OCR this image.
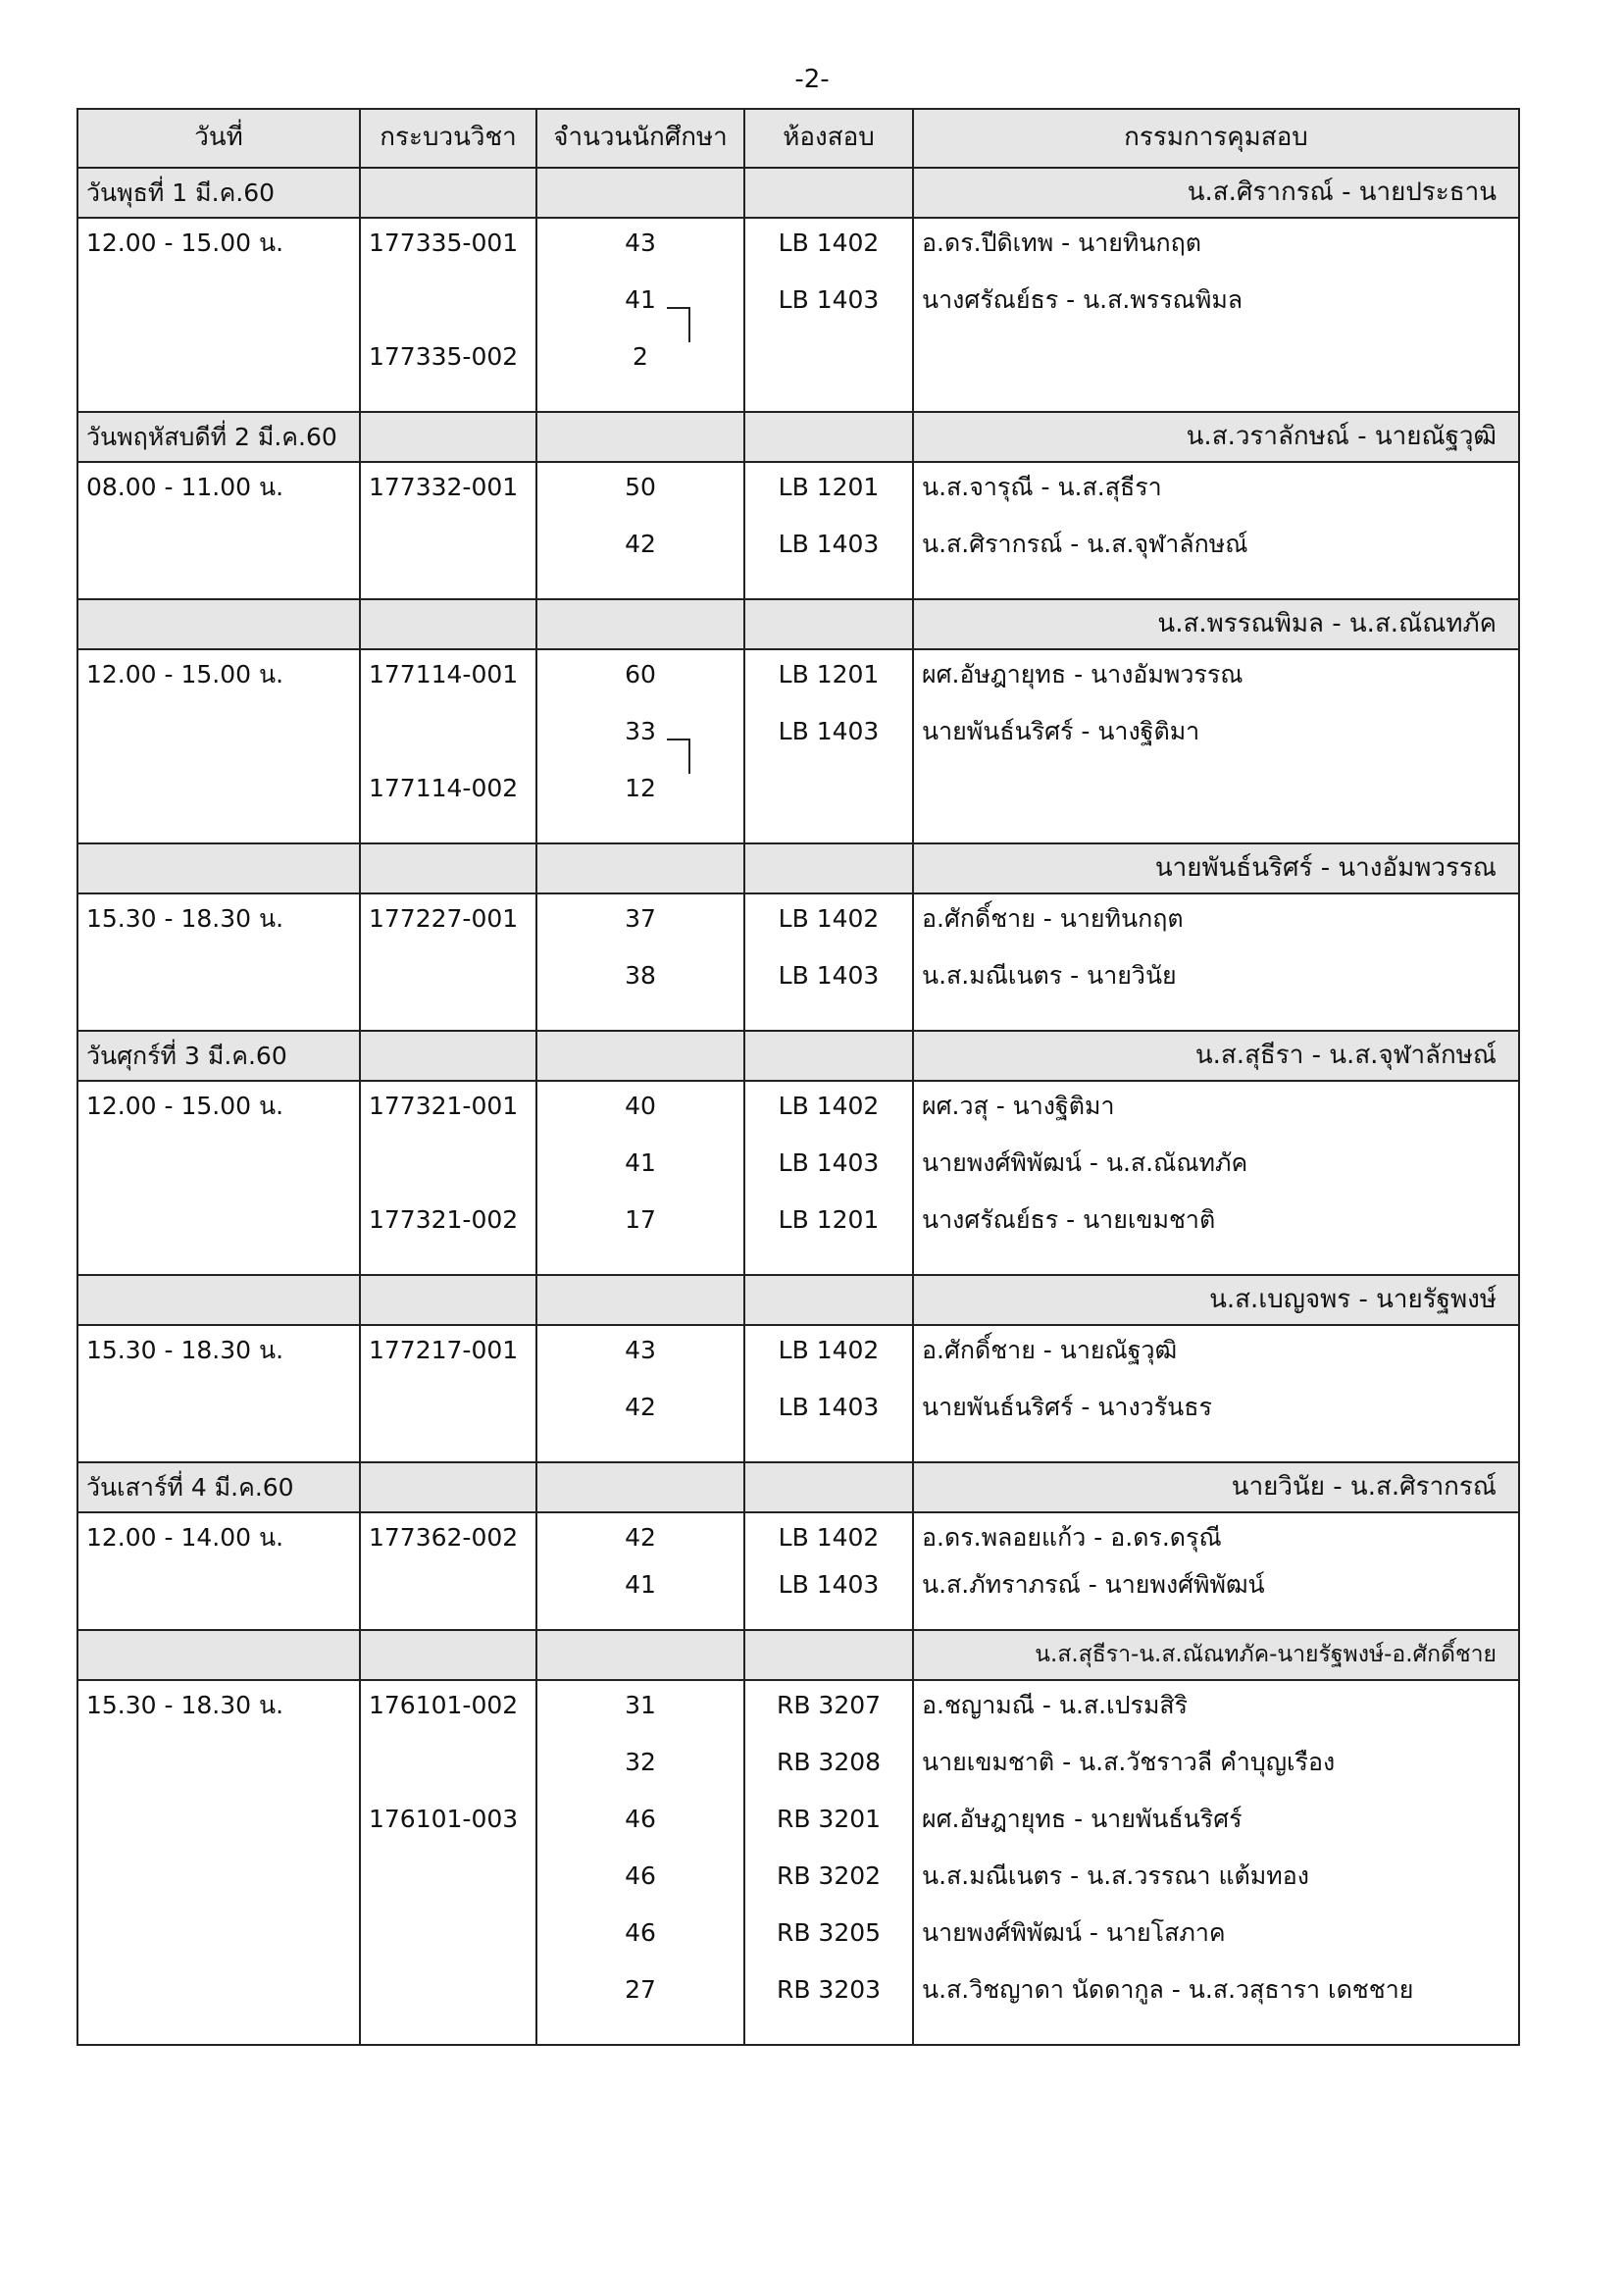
-2-
วันที่	กระบวนวิชา	จำนวนนักศึกษา	ห้องสอบ	กรรมการคุมสอบ
วันพุธที่ 1 มี.ค.60				น.ส.ศิรากรณ์ - นายประธาน
12.00 - 15.00 น.	177335-001	43	LB 1402	อ.ดร.ปีดิเทพ - นายทินกฤต
		41	LB 1403	นางศรัณย์ธร - น.ส.พรรณพิมล
	177335-002	2		
วันพฤหัสบดีที่ 2 มี.ค.60				น.ส.วราลักษณ์ - นายณัฐวุฒิ
08.00 - 11.00 น.	177332-001	50	LB 1201	น.ส.จารุณี - น.ส.สุธีรา
		42	LB 1403	น.ส.ศิรากรณ์ - น.ส.จุฬาลักษณ์
				น.ส.พรรณพิมล - น.ส.ณัณทภัค
12.00 - 15.00 น.	177114-001	60	LB 1201	ผศ.อัษฎายุทธ - นางอัมพวรรณ
		33	LB 1403	นายพันธ์นริศร์ - นางฐิติมา
	177114-002	12		
				นายพันธ์นริศร์ - นางอัมพวรรณ
15.30 - 18.30 น.	177227-001	37	LB 1402	อ.ศักดิ์ชาย - นายทินกฤต
		38	LB 1403	น.ส.มณีเนตร - นายวินัย
วันศุกร์ที่ 3 มี.ค.60				น.ส.สุธีรา - น.ส.จุฬาลักษณ์
12.00 - 15.00 น.	177321-001	40	LB 1402	ผศ.วสุ - นางฐิติมา
		41	LB 1403	นายพงศ์พิพัฒน์ - น.ส.ณัณทภัค
	177321-002	17	LB 1201	นางศรัณย์ธร - นายเขมชาติ
				น.ส.เบญจพร - นายรัฐพงษ์
15.30 - 18.30 น.	177217-001	43	LB 1402	อ.ศักดิ์ชาย - นายณัฐวุฒิ
		42	LB 1403	นายพันธ์นริศร์ - นางวรันธร
วันเสาร์ที่ 4 มี.ค.60				นายวินัย - น.ส.ศิรากรณ์
12.00 - 14.00 น.	177362-002	42	LB 1402	อ.ดร.พลอยแก้ว - อ.ดร.ดรุณี
		41	LB 1403	น.ส.ภัทราภรณ์ - นายพงศ์พิพัฒน์
				น.ส.สุธีรา-น.ส.ณัณทภัค-นายรัฐพงษ์-อ.ศักดิ์ชาย
15.30 - 18.30 น.	176101-002	31	RB 3207	อ.ชญามณี - น.ส.เปรมสิริ
		32	RB 3208	นายเขมชาติ - น.ส.วัชราวลี คำบุญเรือง
	176101-003	46	RB 3201	ผศ.อัษฎายุทธ - นายพันธ์นริศร์
		46	RB 3202	น.ส.มณีเนตร - น.ส.วรรณา แต้มทอง
		46	RB 3205	นายพงศ์พิพัฒน์ - นายโสภาค
		27	RB 3203	น.ส.วิชญาดา นัดดากูล - น.ส.วสุธารา เดชชาย
